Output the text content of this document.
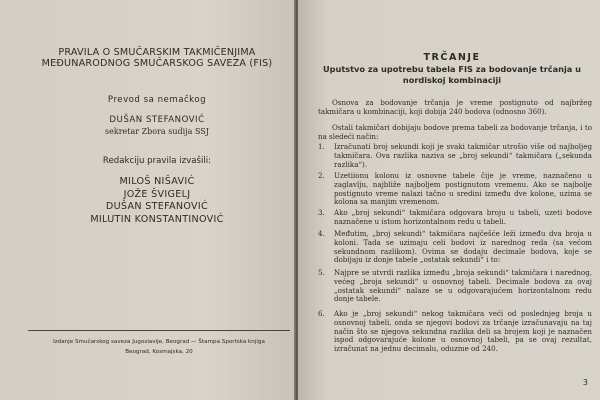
PRAVILA O SMUČARSKIM TAKMIČENJIMA
MEĐUNARODNOG SMUČARSKOG SAVEZA (FIS)
Prevod sa nemačkog
DUŠAN STEFANOVIĆ
sekretar Zbora sudija SSJ
Redakciju pravila izvašili:
MILOŠ NIŠAVIĆ
JOŽE ŠVIGELJ
DUŠAN STEFANOVIĆ
MILUTIN KONSTANTINOVIĆ
Izdanje Smučarskog saveza Jugoslavije, Beograd — Štampa Sportska knjiga
Beograd, Kosmajska, 20
TRČANJE
Uputstvo za upotrebu tabela FIS za bodovanje trčanja u
nordiskoj kombinaciji

Osnova za bodovanje trčanja je vreme postignuto od najbržeg takmičara u kombinaciji, koji dobija 240 bodova (odnosno 360).

Ostali takmičari dobijaju bodove prema tabeli za bodovanje trčanja, i to na sledeći način:

1.	Izračunati broj sekundi koji je svaki takmičar utrošio više od najboljeg takmičara. Ova razlika naziva se „broj sekundi“ takmičara („sekunda razlika“).
2.	Uzetiionu kolonu iz osnovne tabele čije je vreme, naznačeno u zaglavlju, najbliže najboljem postignutom vremenu. Ako se najbolje postignuto vreme nalazi tačno u sredini između dve kolone, uzima se kolona sa manjim vremenom.
3.	Ako „broj sekundi“ takmičara odgovara broju u tabeli, uzeti bodove naznačene u istom horizontalnom redu u tabeli.
4.	Međutim, „broj sekundi“ takmičara najčešće leži između dva broja u koloni. Tada se uzimaju celi bodovi iz narednog reda (sa većom sekundnom razlikom). Ovima se dodaju decimale bodova, koje se dobijaju iz donje tabele „ostatak sekundi“ i to:
5.	Najpre se utvrdi razlika između „broja sekundi“ takmičara i narednog, većeg „broja sekundi“ u osnovnoj tabeli. Decimale bodova za ovaj „ostatak sekundi“ nalaze se u odgovarajućem horizontalnom redu donje tabele.
6.	Ako je „broj sekundi“ nekog takmičara veći od poslednjeg broja u osnovnoj tabeli, onda se njegovi bodovi za trčanje izračunavaju na taj način što se njegova sekundna razlika deli sa brojem koji je naznačen ispod odgovarajuće kolone u osnovnoj tabeli, pa se ovaj rezultat, izračunat na jednu decimalu, oduzme od 240.
3
